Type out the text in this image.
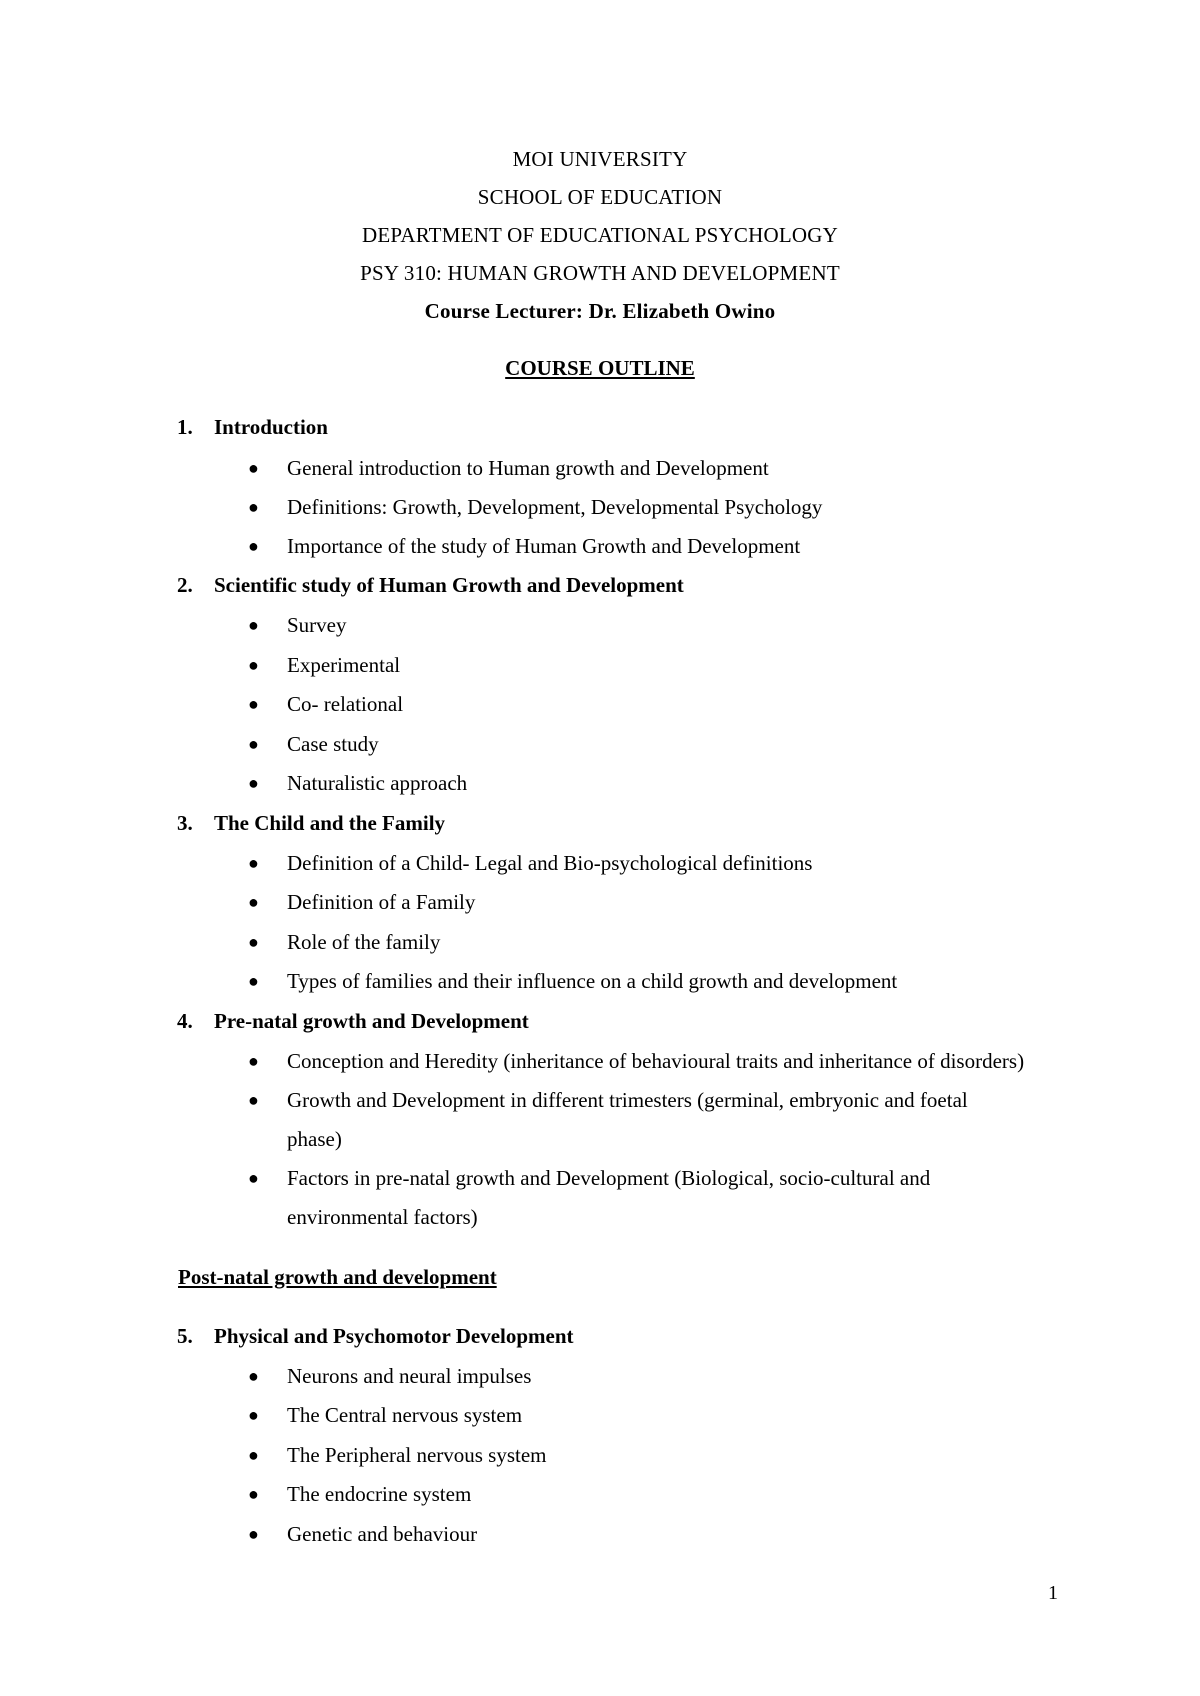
MOI UNIVERSITY
SCHOOL OF EDUCATION
DEPARTMENT OF EDUCATIONAL PSYCHOLOGY
PSY 310: HUMAN GROWTH AND DEVELOPMENT
Course Lecturer: Dr. Elizabeth Owino
COURSE OUTLINE
1.	Introduction
●	General introduction to Human growth and Development
●	Definitions: Growth, Development, Developmental Psychology
●	Importance of the study of Human Growth and Development
2.	Scientific study of Human Growth and Development
●	Survey
●	Experimental
●	Co- relational
●	Case study
●	Naturalistic approach
3.	The Child and the Family
●	Definition of a Child- Legal and Bio-psychological definitions
●	Definition of a Family
●	Role of the family
●	Types of families and their influence on a child growth and development
4.	Pre-natal growth and Development
●	Conception and Heredity (inheritance of behavioural traits and inheritance of disorders)
●	Growth and Development in different trimesters (germinal, embryonic and foetal phase)
●	Factors in pre-natal growth and Development (Biological, socio-cultural and environmental factors)
Post-natal growth and development
5.	Physical and Psychomotor Development
●	Neurons and neural impulses
●	The Central nervous system
●	The Peripheral nervous system
●	The endocrine system
●	Genetic and behaviour
1
